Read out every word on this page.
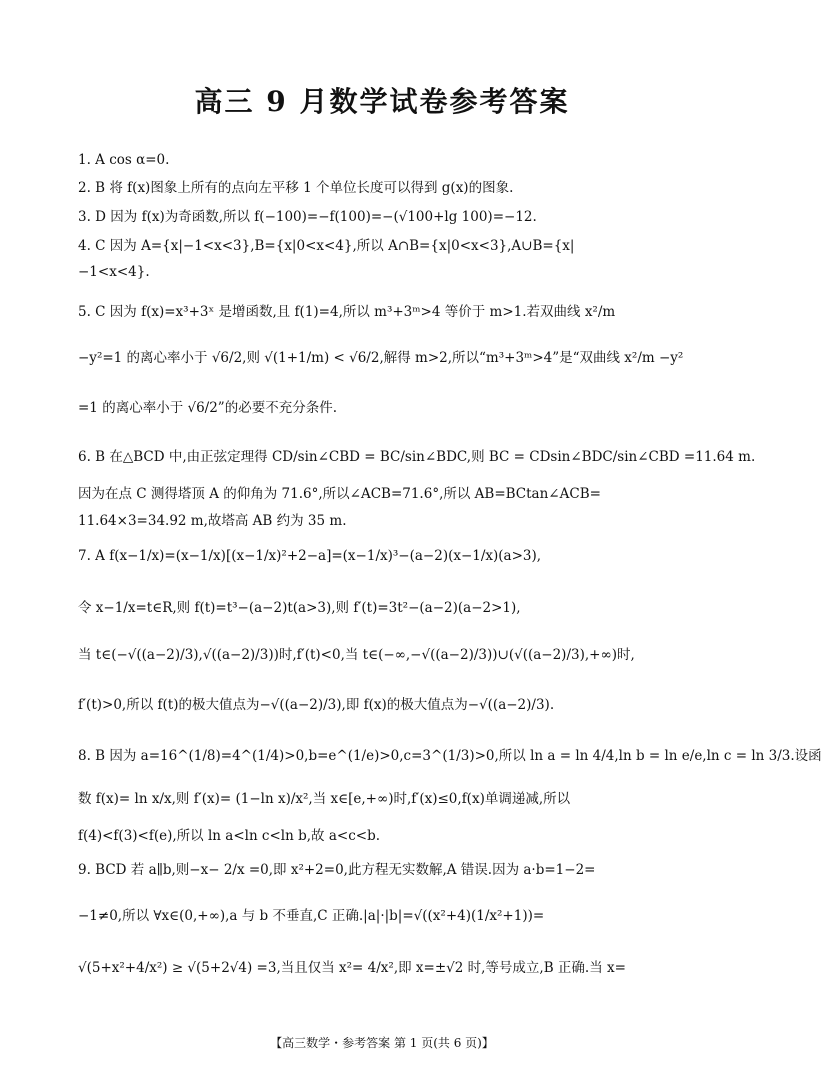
高三 9 月数学试卷参考答案
1. A cos α=0.
2. B 将 f(x)图象上所有的点向左平移 1 个单位长度可以得到 g(x)的图象.
3. D 因为 f(x)为奇函数,所以 f(−100)=−f(100)=−(√100+lg 100)=−12.
4. C 因为 A={x|−1<x<3},B={x|0<x<4},所以 A∩B={x|0<x<3},A∪B={x|
−1<x<4}.
5. C 因为 f(x)=x³+3ˣ 是增函数,且 f(1)=4,所以 m³+3ᵐ>4 等价于 m>1.若双曲线 x²/m
−y²=1 的离心率小于 √6/2,则 √(1+1/m) < √6/2,解得 m>2,所以“m³+3ᵐ>4”是“双曲线 x²/m −y²
=1 的离心率小于 √6/2”的必要不充分条件.
6. B 在△BCD 中,由正弦定理得 CD/sin∠CBD = BC/sin∠BDC,则 BC = CDsin∠BDC/sin∠CBD =11.64 m.
因为在点 C 测得塔顶 A 的仰角为 71.6°,所以∠ACB=71.6°,所以 AB=BCtan∠ACB=
11.64×3=34.92 m,故塔高 AB 约为 35 m.
7. A f(x−1/x)=(x−1/x)[(x−1/x)²+2−a]=(x−1/x)³−(a−2)(x−1/x)(a>3),
令 x−1/x=t∈R,则 f(t)=t³−(a−2)t(a>3),则 f′(t)=3t²−(a−2)(a−2>1),
当 t∈(−√((a−2)/3),√((a−2)/3))时,f′(t)<0,当 t∈(−∞,−√((a−2)/3))∪(√((a−2)/3),+∞)时,
f′(t)>0,所以 f(t)的极大值点为−√((a−2)/3),即 f(x)的极大值点为−√((a−2)/3).
8. B 因为 a=16^(1/8)=4^(1/4)>0,b=e^(1/e)>0,c=3^(1/3)>0,所以 ln a = ln 4/4,ln b = ln e/e,ln c = ln 3/3.设函
数 f(x)= ln x/x,则 f′(x)= (1−ln x)/x²,当 x∈[e,+∞)时,f′(x)≤0,f(x)单调递减,所以
f(4)<f(3)<f(e),所以 ln a<ln c<ln b,故 a<c<b.
9. BCD 若 a∥b,则−x− 2/x =0,即 x²+2=0,此方程无实数解,A 错误.因为 a·b=1−2=
−1≠0,所以 ∀x∈(0,+∞),a 与 b 不垂直,C 正确.|a|·|b|=√((x²+4)(1/x²+1))=
√(5+x²+4/x²) ≥ √(5+2√4) =3,当且仅当 x²= 4/x²,即 x=±√2 时,等号成立,B 正确.当 x=
【高三数学・参考答案 第 1 页(共 6 页)】
